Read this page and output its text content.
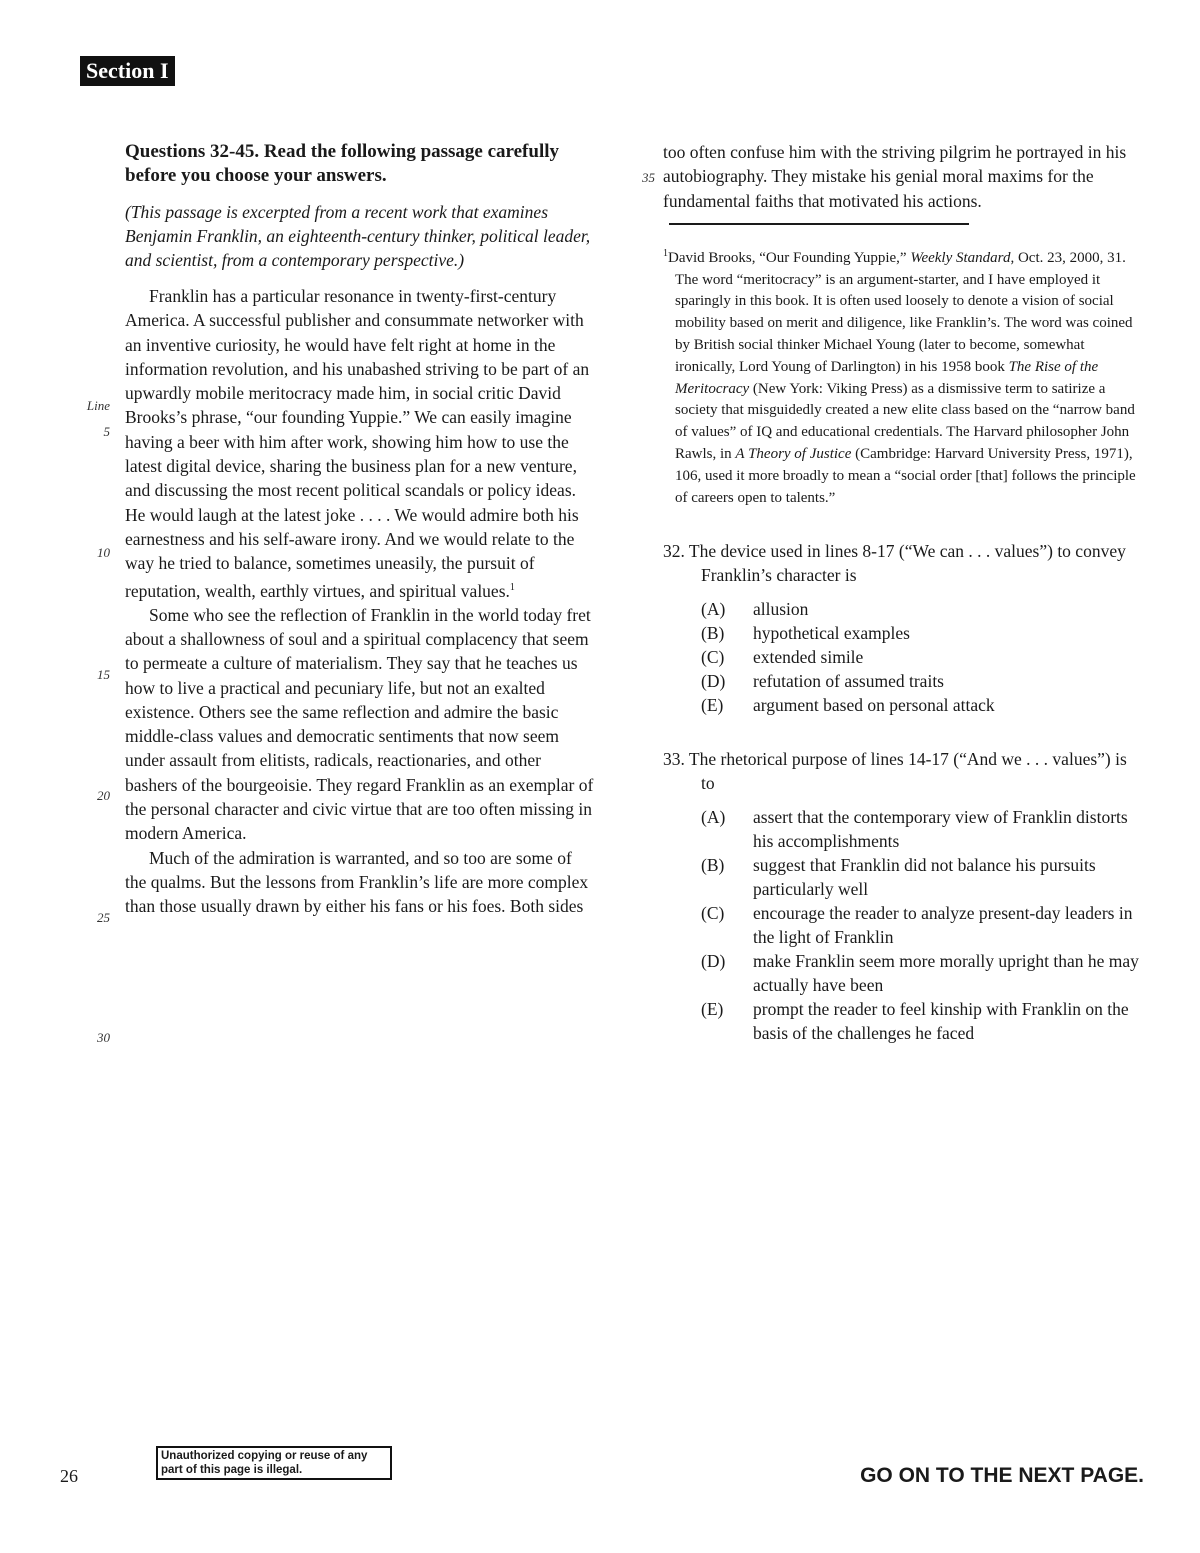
Section I
Line
5
10
15
20
25
30
35

Questions 32-45. Read the following passage carefully before you choose your answers.

(This passage is excerpted from a recent work that examines Benjamin Franklin, an eighteenth-century thinker, political leader, and scientist, from a contemporary perspective.)

Franklin has a particular resonance in twenty-first-century America. A successful publisher and consummate networker with an inventive curiosity, he would have felt right at home in the information revolution, and his unabashed striving to be part of an upwardly mobile meritocracy made him, in social critic David Brooks’s phrase, “our founding Yuppie.” We can easily imagine having a beer with him after work, showing him how to use the latest digital device, sharing the business plan for a new venture, and discussing the most recent political scandals or policy ideas. He would laugh at the latest joke . . . . We would admire both his earnestness and his self-aware irony. And we would relate to the way he tried to balance, sometimes uneasily, the pursuit of reputation, wealth, earthly virtues, and spiritual values.$^1$

Some who see the reflection of Franklin in the world today fret about a shallowness of soul and a spiritual complacency that seem to permeate a culture of materialism. They say that he teaches us how to live a practical and pecuniary life, but not an exalted existence. Others see the same reflection and admire the basic middle-class values and democratic sentiments that now seem under assault from elitists, radicals, reactionaries, and other bashers of the bourgeoisie. They regard Franklin as an exemplar of the personal character and civic virtue that are too often missing in modern America.

Much of the admiration is warranted, and so too are some of the qualms. But the lessons from Franklin’s life are more complex than those usually drawn by either his fans or his foes. Both sides

too often confuse him with the striving pilgrim he portrayed in his autobiography. They mistake his genial moral maxims for the fundamental faiths that motivated his actions.

$^1$David Brooks, “Our Founding Yuppie,” Weekly Standard, Oct. 23, 2000, 31. The word “meritocracy” is an argument-starter, and I have employed it sparingly in this book. It is often used loosely to denote a vision of social mobility based on merit and diligence, like Franklin’s. The word was coined by British social thinker Michael Young (later to become, somewhat ironically, Lord Young of Darlington) in his 1958 book The Rise of the Meritocracy (New York: Viking Press) as a dismissive term to satirize a society that misguidedly created a new elite class based on the “narrow band of values” of IQ and educational credentials. The Harvard philosopher John Rawls, in A Theory of Justice (Cambridge: Harvard University Press, 1971), 106, used it more broadly to mean a “social order [that] follows the principle of careers open to talents.”

32. The device used in lines 8-17 (“We can . . . values”) to convey Franklin’s character is

(A) allusion
(B) hypothetical examples
(C) extended simile
(D) refutation of assumed traits
(E) argument based on personal attack

33. The rhetorical purpose of lines 14-17 (“And we . . . values”) is to

(A) assert that the contemporary view of Franklin distorts his accomplishments
(B) suggest that Franklin did not balance his pursuits particularly well
(C) encourage the reader to analyze present-day leaders in the light of Franklin
(D) make Franklin seem more morally upright than he may actually have been
(E) prompt the reader to feel kinship with Franklin on the basis of the challenges he faced
Unauthorized copying or reuse of any part of this page is illegal.
26	GO ON TO THE NEXT PAGE.
